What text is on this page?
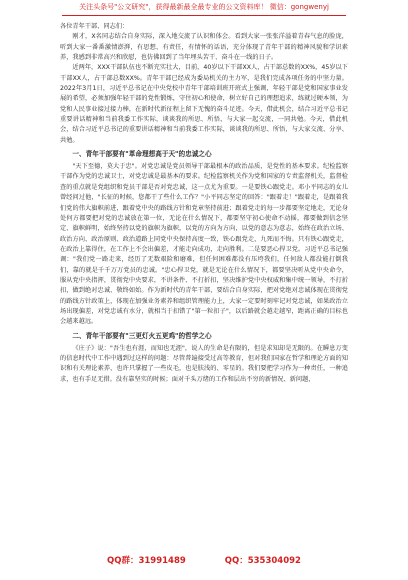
关注头条号"公文研究"，获得最新最全最专业的公文资料库！ 微信：gongwenyj

各位青年干部、同志们：

刚才，X名同志结合自身实际，深入地交流了认识和体会。看到大家一张张洋溢着青春气息的脸庞，听到大家一番番激情澎湃，有思想、有责任，有情怀的话语，充分体现了青年干部的精神风貌和学识素养，我感到非常高兴和欣慰，也仿佛回到了当年埋头苦干、奋斗在一线的日子。

近两年，XXX干部队伍也不断充实壮大，目前，40岁以下干部XX人，占干部总数的XX%，45岁以下干部XX人，占干部总数XX%。青年干部已经成为委局机关的主力军，是我们完成各项任务的中坚力量。2022年3月1日，习近平总书记在中央党校中青年干部培训班开班式上强调，年轻干部是党和国家事业发展的希望，必须加强年轻干部的党性锻炼，守住初心和使命，树立好自己的理想追求，练就过硬本领，为党和人民事业接过接力棒，在新时代新征程上留下无愧的奋斗足迹。今天，借此机会，结合习近平总书记重要讲话精神和当前我委工作实际，谈谈我的所思、所悟，与大家一起交流，一同共勉。今天，借此机会，结合习近平总书记的重要讲话精神和当前我委工作实际，谈谈我的所思、所悟，与大家交流、分享、共勉。

一、青年干部要有"革命理想高于天"的忠诚之心

"天下至德，莫大于忠"。对党忠诚是党员领导干部最根本的政治品质，是党性的基本要求。纪检监察干部作为党的忠诚卫士，对党忠诚是最基本的要求。纪检监察机关作为党和国家的专责监督机关，监督检查的重点就是党组织和党员干部是否对党忠诚，这一点尤为重要。一是要铁心跟党走。邓小平同志的女儿曾经问过他，"长征的时候，您都干了些什么工作？"小平同志坚定的回答："跟着走！"跟着走，是跟着我们党的伟大旗帜前进，跟着党中央的路线方针和党章坚持前进；跟着党走的每一步都要坚定地走，无论身处何方都要把对党的忠诚放在第一位，无论在什么情况下，都要坚守初心使命不动摇，都要做到信念坚定、旗帜鲜明，始终坚持以党的旗帜为旗帜，以党的方向为方向，以党的意志为意志，始终在政治立场、政治方向、政治原则、政治道路上同党中央保持高度一致，铁心跟党走，九死而不悔。只有铁心跟党走，在政治上靠得住，在工作上不会出偏差，才能走向成功，走向胜利。二是要恶心捍卫党。习近平总书记强调："我们党一路走来，经历了无数艰险和磨难，但任何困难都没有压垮我们，任何敌人都没能打倒我们，靠的就是千千万万党员的忠诚。"忠心捍卫党，就是无论在什么情况下，都要坚决听从党中央命令，服从党中央指挥，贯彻党中央要求，不讲条件、不打折扣，坚决维护党中央权威和集中统一领导，不打折扣，做到绝对忠诚、敬终如始。作为新时代的青年干部，要结合自身实际，把对党绝对忠诚体现在贯彻党的路线方针政策上，体现在加强业务素养和组织管理能力上，大家一定要时刻牢记对党忠诚，如果政治立场出现偏差，对党忠诚有水分，就相当于扣错了"第一粒扣子"，以后路就会越走越窄，距离正确的目标也会越来越远。

二、青年干部要有"三更灯火五更鸡"的哲学之心

《庄子》说："吾生也有涯，而知也无涯"，说人的生命是有限的，但是求知却是无限的。在瞬息万变的信息时代中工作中遇到过这样的问题：尽管普遍接受过高等教育，但对我们国家在哲学和理论方面的知识和有关理论素养，也许只掌握了一些皮毛，也是肤浅的、零星的。我们要把学习作为一种责任，一种追求，也有手足无措。没有靠坚实的时候；面对千头万绪的工作和层出不穷的新情况、新问题，

QQ群：31991489	QQ：535304092
